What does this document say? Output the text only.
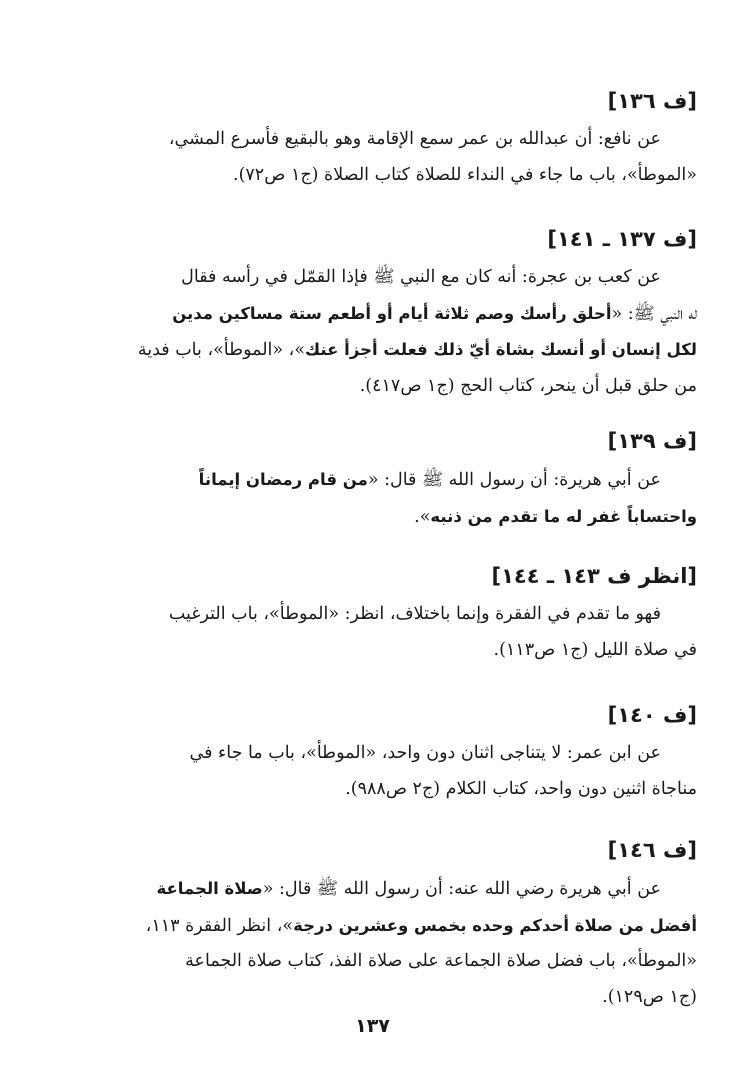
[ف ١٣٦]

عن نافع: أن عبدالله بن عمر سمع الإقامة وهو بالبقيع فأسرع المشي،
«الموطأ»، باب ما جاء في النداء للصلاة كتاب الصلاة (ج١ ص٧٢).

[ف ١٣٧ ـ ١٤١]

عن كعب بن عجرة: أنه كان مع النبي ﷺ فإذا القمّل في رأسه فقال
له النبي ﷺ: «أحلق رأسك وصم ثلاثة أيام أو أطعم ستة مساكين مدين
لكل إنسان أو أنسك بشاة أيّ ذلك فعلت أجزأ عنك»، «الموطأ»، باب فدية
من حلق قبل أن ينحر، كتاب الحج (ج١ ص٤١٧).

[ف ١٣٩]

عن أبي هريرة: أن رسول الله ﷺ قال: «من قام رمضان إيماناً
واحتساباً غفر له ما تقدم من ذنبه».

[انظر ف ١٤٣ ـ ١٤٤]

فهو ما تقدم في الفقرة وإنما باختلاف، انظر: «الموطأ»، باب الترغيب
في صلاة الليل (ج١ ص١١٣).

[ف ١٤٠]

عن ابن عمر: لا يتناجى اثنان دون واحد، «الموطأ»، باب ما جاء في
مناجاة اثنين دون واحد، كتاب الكلام (ج٢ ص٩٨٨).

[ف ١٤٦]

عن أبي هريرة رضي الله عنه: أن رسول الله ﷺ قال: «صلاة الجماعة
أفضل من صلاة أحدكم وحده بخمس وعشرين درجة»، انظر الفقرة ١١٣،
«الموطأ»، باب فضل صلاة الجماعة على صلاة الفذ، كتاب صلاة الجماعة
(ج١ ص١٢٩).

١٣٧
